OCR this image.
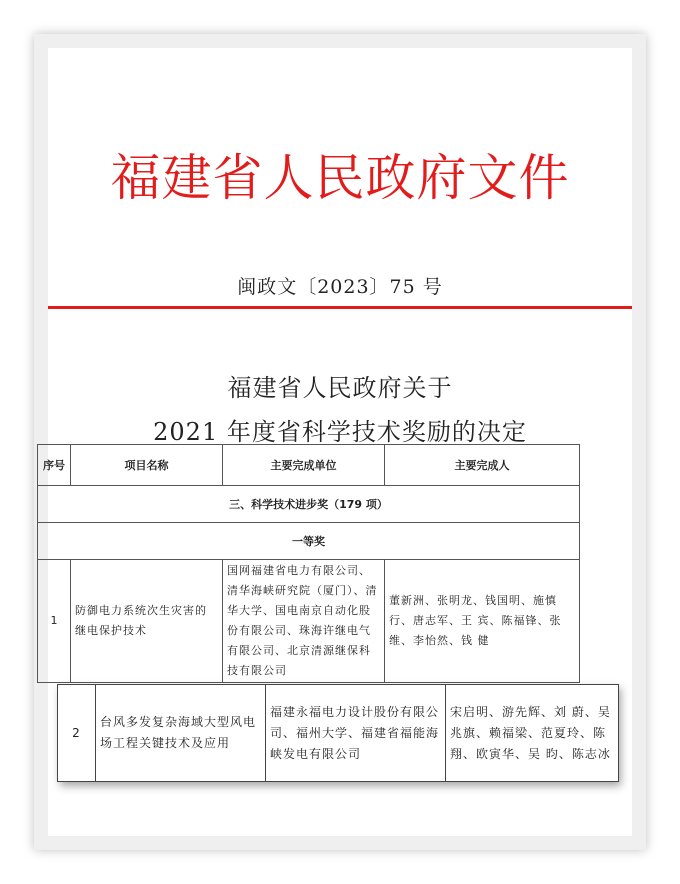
福建省人民政府文件
闽政文〔2023〕75 号
福建省人民政府关于
2021 年度省科学技术奖励的决定
序号	项目名称	主要完成单位	主要完成人
三、科学技术进步奖（179 项）			
一等奖			
1	防御电力系统次生灾害的继电保护技术	国网福建省电力有限公司、清华海峡研究院（厦门）、清华大学、国电南京自动化股份有限公司、珠海许继电气有限公司、北京清源继保科技有限公司	董新洲、张明龙、钱国明、施慎行、唐志军、王 宾、陈福锋、张 维、李怡然、钱 健
2	台风多发复杂海域大型风电场工程关键技术及应用	福建永福电力设计股份有限公司、福州大学、福建省福能海峡发电有限公司	宋启明、游先辉、刘 蔚、吴兆旗、赖福梁、范夏玲、陈 翔、欧寅华、吴 昀、陈志冰
